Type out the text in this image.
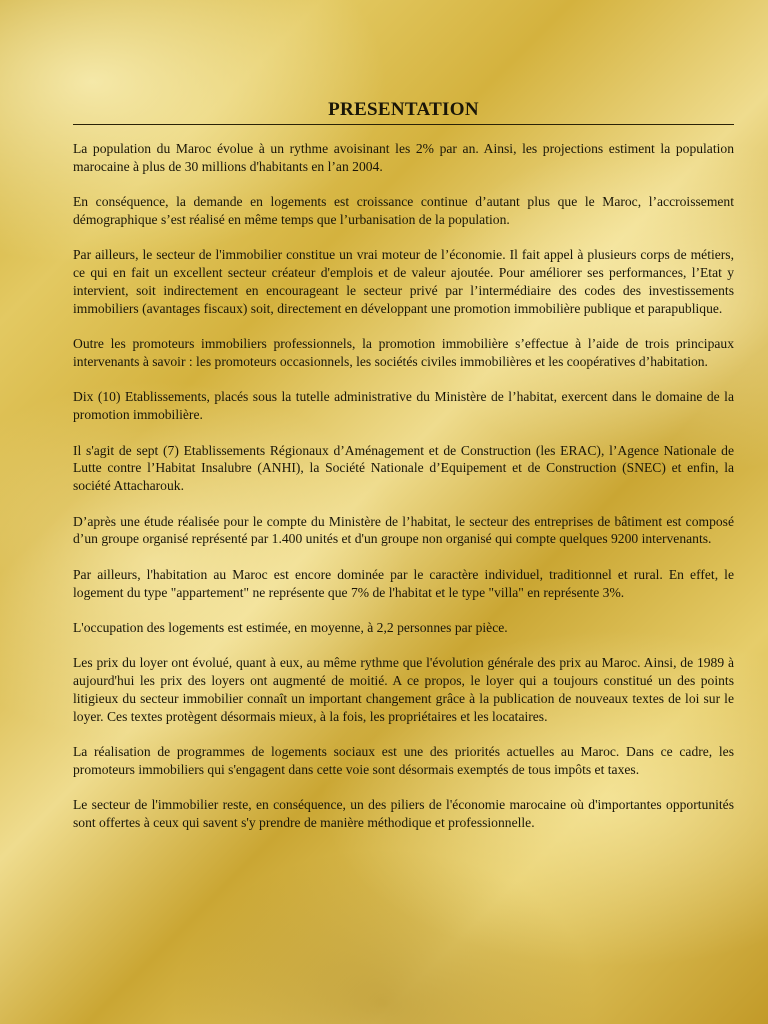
PRESENTATION

La population du Maroc évolue à un rythme avoisinant les 2% par an. Ainsi, les projections estiment la population marocaine à plus de 30 millions d'habitants en l’an 2004.

En conséquence, la demande en logements est croissance continue d’autant plus que le Maroc, l’accroissement démographique s’est réalisé en même temps que l’urbanisation de la population.

Par ailleurs, le secteur de l'immobilier constitue un vrai moteur de l’économie. Il fait appel à plusieurs corps de métiers, ce qui en fait un excellent secteur créateur d'emplois et de valeur ajoutée. Pour améliorer ses performances, l’Etat y intervient, soit indirectement en encourageant le secteur privé par l’intermédiaire des codes des investissements immobiliers (avantages fiscaux) soit, directement en développant une promotion immobilière publique et parapublique.

Outre les promoteurs immobiliers professionnels, la promotion immobilière s’effectue à l’aide de trois principaux intervenants à savoir : les promoteurs occasionnels, les sociétés civiles immobilières et les coopératives d’habitation.

Dix (10) Etablissements, placés sous la tutelle administrative du Ministère de l’habitat, exercent dans le domaine de la promotion immobilière.

Il s'agit de sept (7) Etablissements Régionaux d’Aménagement et de Construction (les ERAC), l’Agence Nationale de Lutte contre l’Habitat Insalubre (ANHI), la Société Nationale d’Equipement et de Construction (SNEC) et enfin, la société Attacharouk.

D’après une étude réalisée pour le compte du Ministère de l’habitat, le secteur des entreprises de bâtiment est composé d’un groupe organisé représenté par 1.400 unités et d'un groupe non organisé qui compte quelques 9200 intervenants.

Par ailleurs, l'habitation au Maroc est encore dominée par le caractère individuel, traditionnel et rural. En effet, le logement du type "appartement" ne représente que 7% de l'habitat et le type "villa" en représente 3%.

L'occupation des logements est estimée, en moyenne, à 2,2 personnes par pièce.

Les prix du loyer ont évolué, quant à eux, au même rythme que l'évolution générale des prix au Maroc. Ainsi, de 1989 à aujourd'hui les prix des loyers ont augmenté de moitié. A ce propos, le loyer qui a toujours constitué un des points litigieux du secteur immobilier connaît un important changement grâce à la publication de nouveaux textes de loi sur le loyer. Ces textes protègent désormais mieux, à la fois, les propriétaires et les locataires.

La réalisation de programmes de logements sociaux est une des priorités actuelles au Maroc. Dans ce cadre, les promoteurs immobiliers qui s'engagent dans cette voie sont désormais exemptés de tous impôts et taxes.

Le secteur de l'immobilier reste, en conséquence, un des piliers de l'économie marocaine où d'importantes opportunités sont offertes à ceux qui savent s'y prendre de manière méthodique et professionnelle.
